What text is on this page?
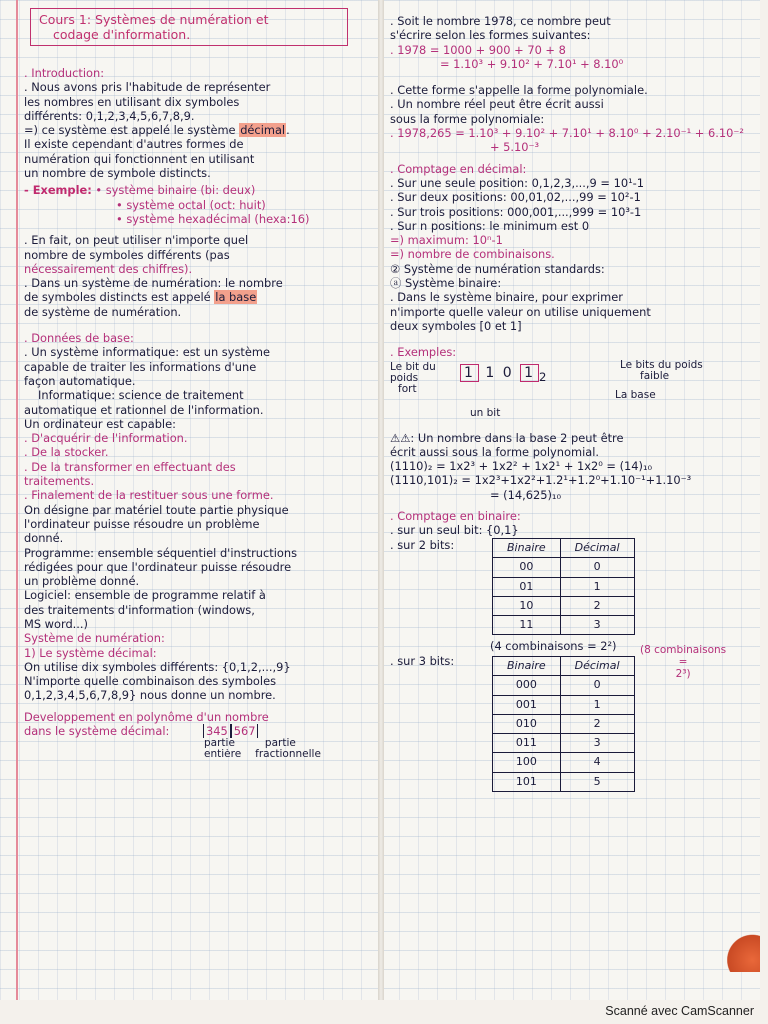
Cours 1: Systèmes de numération et
codage d'information.
. Introduction:
. Nous avons pris l'habitude de représenter
les nombres en utilisant dix symboles
différents: 0,1,2,3,4,5,6,7,8,9.
=) ce système est appelé le système décimal.
Il existe cependant d'autres formes de
numération qui fonctionnent en utilisant
un nombre de symbole distincts.
- Exemple: • système binaire (bi: deux)
• système octal (oct: huit)
• système hexadécimal (hexa:16)
. En fait, on peut utiliser n'importe quel
nombre de symboles différents (pas
nécessairement des chiffres).
. Dans un système de numération: le nombre
de symboles distincts est appelé la base
de système de numération.
. Données de base:
. Un système informatique: est un système
capable de traiter les informations d'une
façon automatique.
Informatique: science de traitement
automatique et rationnel de l'information.
Un ordinateur est capable:
. D'acquérir de l'information.
. De la stocker.
. De la transformer en effectuant des
traitements.
. Finalement de la restituer sous une forme.
On désigne par matériel toute partie physique
l'ordinateur puisse résoudre un problème
donné.
Programme: ensemble séquentiel d'instructions
rédigées pour que l'ordinateur puisse résoudre
un problème donné.
Logiciel: ensemble de programme relatif à
des traitements d'information (windows,
MS word...)
Système de numération:
1) Le système décimal:
On utilise dix symboles différents: {0,1,2,...,9}
N'importe quelle combinaison des symboles
0,1,2,3,4,5,6,7,8,9} nous donne un nombre.
Developpement en polynôme d'un nombre
dans le système décimal:	345 567
partie	partie
entière fractionnelle
. Soit le nombre 1978, ce nombre peut
s'écrire selon les formes suivantes:
. 1978 = 1000 + 900 + 70 + 8
= 1.10³ + 9.10² + 7.10¹ + 8.10⁰
. Cette forme s'appelle la forme polynomiale.
. Un nombre réel peut être écrit aussi
sous la forme polynomiale:
. 1978,265 = 1.10³ + 9.10² + 7.10¹ + 8.10⁰ + 2.10⁻¹ + 6.10⁻²
+ 5.10⁻³
. Comptage en décimal:
. Sur une seule position: 0,1,2,3,...,9 = 10¹-1
. Sur deux positions: 00,01,02,...,99 = 10²-1
. Sur trois positions: 000,001,...,999 = 10³-1
. Sur n positions: le minimum est 0
=) maximum: 10ⁿ-1
=) nombre de combinaisons.
② Système de numération standards:
ⓐ Système binaire:
. Dans le système binaire, pour exprimer
n'importe quelle valeur on utilise uniquement
deux symboles [0 et 1]
. Exemples:
Le bit du
poids
fort
1 1 0 1 $_2$
Le bits du poids
faible
La base
un bit
⚠⚠: Un nombre dans la base 2 peut être
écrit aussi sous la forme polynomial.
(1110)₂ = 1x2³ + 1x2² + 1x2¹ + 1x2⁰ = (14)₁₀
(1110,101)₂ = 1x2³+1x2²+1.2¹+1.2⁰+1.10⁻¹+1.10⁻³
= (14,625)₁₀
. Comptage en binaire:
. sur un seul bit: {0,1}
. sur 2 bits:	Binaire	Décimal
00	0
01	1
10	2
11	3
(4 combinaisons = 2²)
. sur 3 bits:	Binaire	Décimal
000	0
001	1
010	2
011	3
100	4
101	5
(8 combinaisons
=
2³)
Scanné avec CamScanner
